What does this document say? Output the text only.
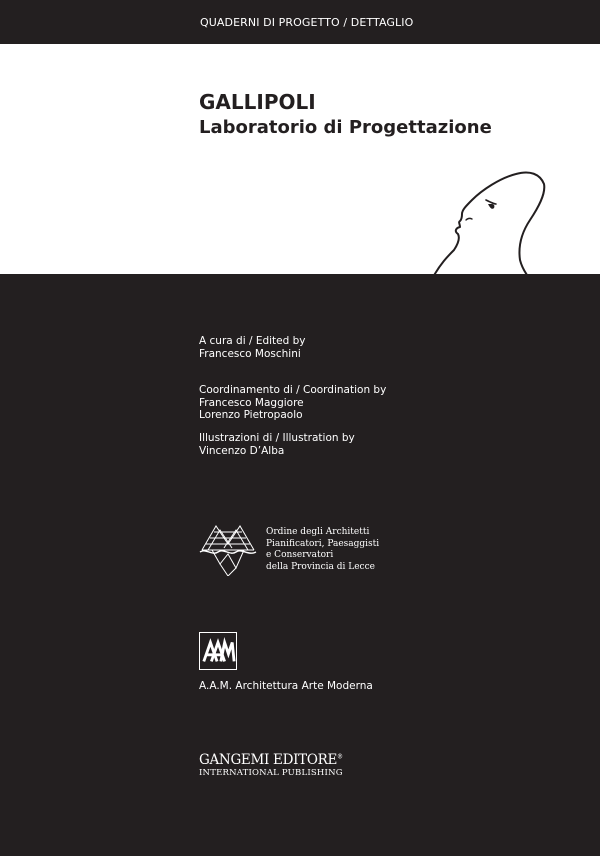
QUADERNI DI PROGETTO / DETTAGLIO
GALLIPOLI
Laboratorio di Progettazione
A cura di / Edited by
Francesco Moschini
Coordinamento di / Coordination by
Francesco Maggiore
Lorenzo Pietropaolo
Illustrazioni di / Illustration by
Vincenzo D’Alba
Ordine degli Architetti
Pianificatori, Paesaggisti
e Conservatori
della Provincia di Lecce
A.A.M. Architettura Arte Moderna
GANGEMI EDITORE®
INTERNATIONAL PUBLISHING
